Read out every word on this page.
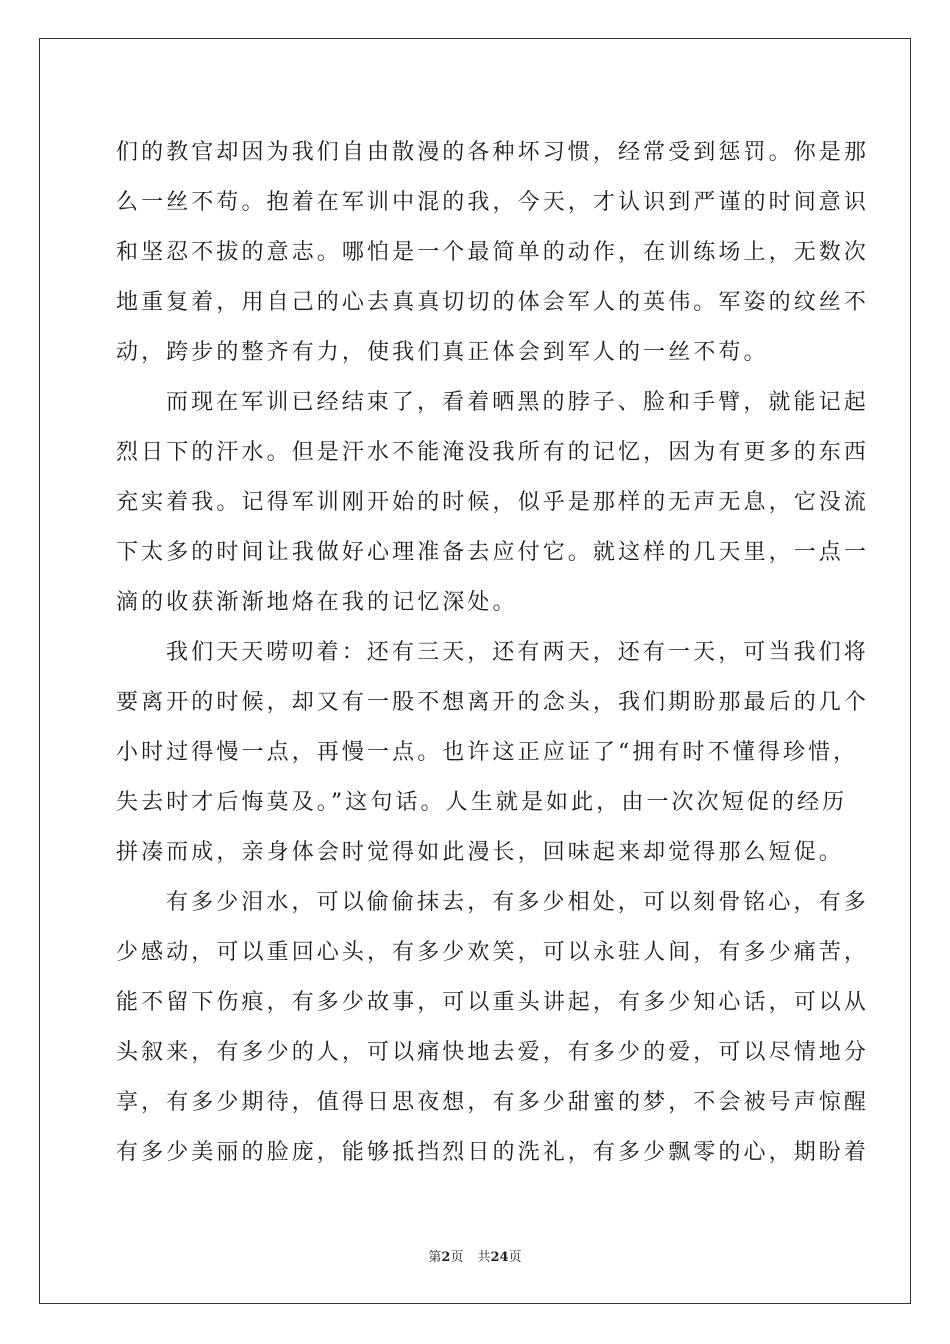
们的教官却因为我们自由散漫的各种坏习惯，经常受到惩罚。你是那
么一丝不苟。抱着在军训中混的我，今天，才认识到严谨的时间意识
和坚忍不拔的意志。哪怕是一个最简单的动作，在训练场上，无数次
地重复着，用自己的心去真真切切的体会军人的英伟。军姿的纹丝不
动，跨步的整齐有力，使我们真正体会到军人的一丝不苟。
而现在军训已经结束了，看着晒黑的脖子、脸和手臂，就能记起
烈日下的汗水。但是汗水不能淹没我所有的记忆，因为有更多的东西
充实着我。记得军训刚开始的时候，似乎是那样的无声无息，它没流
下太多的时间让我做好心理准备去应付它。就这样的几天里，一点一
滴的收获渐渐地烙在我的记忆深处。
我们天天唠叨着：还有三天，还有两天，还有一天，可当我们将
要离开的时候，却又有一股不想离开的念头，我们期盼那最后的几个
小时过得慢一点，再慢一点。也许这正应证了“拥有时不懂得珍惜，
失去时才后悔莫及。”这句话。人生就是如此，由一次次短促的经历
拼凑而成，亲身体会时觉得如此漫长，回味起来却觉得那么短促。
有多少泪水，可以偷偷抹去，有多少相处，可以刻骨铭心，有多
少感动，可以重回心头，有多少欢笑，可以永驻人间，有多少痛苦，
能不留下伤痕，有多少故事，可以重头讲起，有多少知心话，可以从
头叙来，有多少的人，可以痛快地去爱，有多少的爱，可以尽情地分
享，有多少期待，值得日思夜想，有多少甜蜜的梦，不会被号声惊醒
有多少美丽的脸庞，能够抵挡烈日的洗礼，有多少飘零的心，期盼着
第2页 共24页
